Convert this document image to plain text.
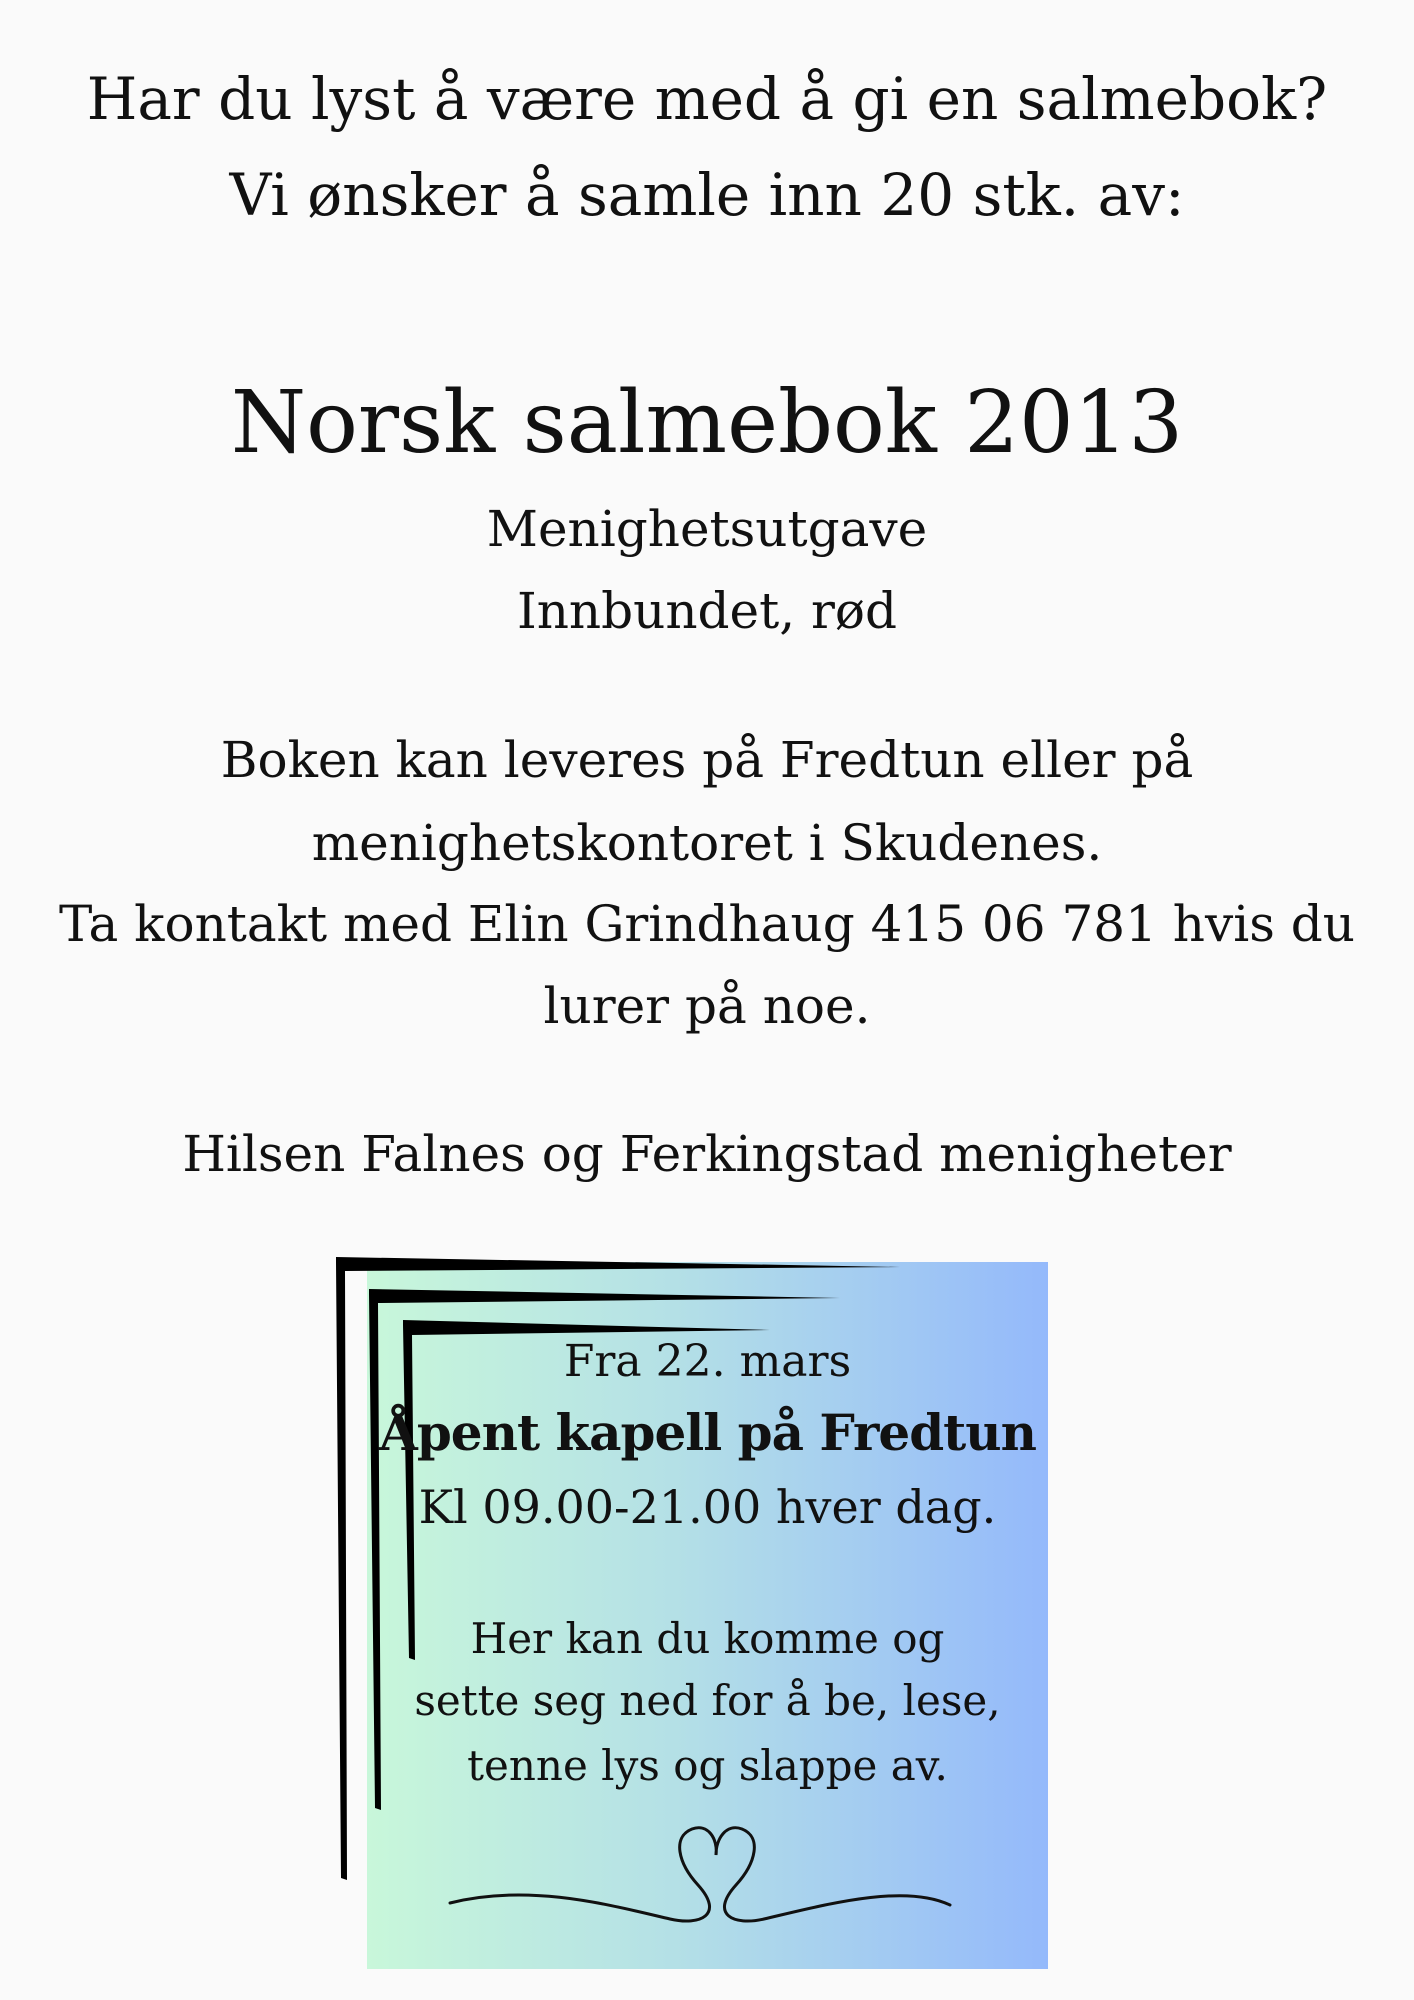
Har du lyst å være med å gi en salmebok?
Vi ønsker å samle inn 20 stk. av:
Norsk salmebok 2013
Menighetsutgave
Innbundet, rød
Boken kan leveres på Fredtun eller på
menighetskontoret i Skudenes.
Ta kontakt med Elin Grindhaug 415 06 781 hvis du
lurer på noe.
Hilsen Falnes og Ferkingstad menigheter
Fra 22. mars
Åpent kapell på Fredtun
Kl 09.00-21.00 hver dag.
Her kan du komme og
sette seg ned for å be, lese,
tenne lys og slappe av.
